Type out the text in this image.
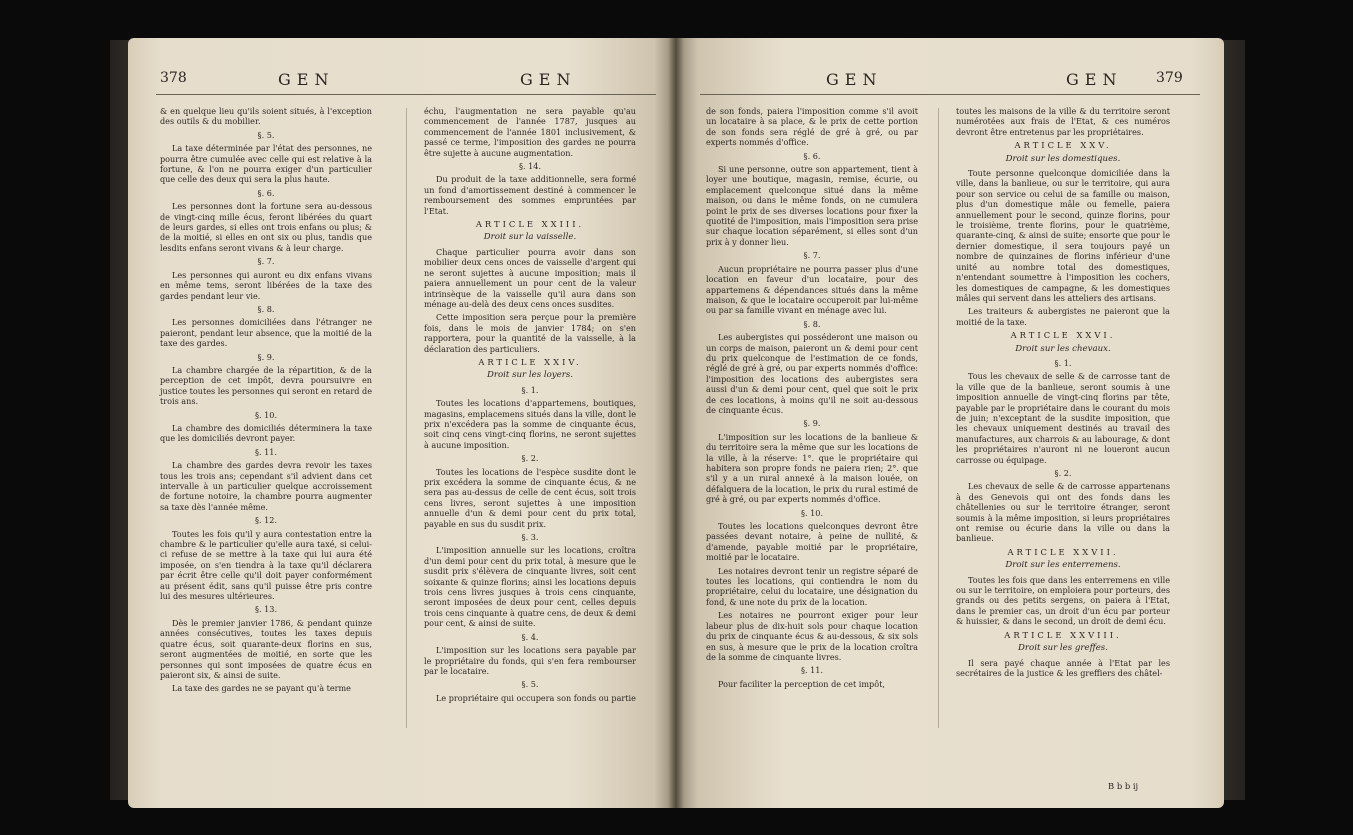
378	GEN	GEN

& en quelque lieu qu'ils soient situés, à l'exception des outils & du mobilier.

§. 5.

La taxe déterminée par l'état des personnes, ne pourra être cumulée avec celle qui est relative à la fortune, & l'on ne pourra exiger d'un particulier que celle des deux qui sera la plus haute.

§. 6.

Les personnes dont la fortune sera au-dessous de vingt-cinq mille écus, feront libérées du quart de leurs gardes, si elles ont trois enfans ou plus; & de la moitié, si elles en ont six ou plus, tandis que lesdits enfans seront vivans & à leur charge.

§. 7.

Les personnes qui auront eu dix enfans vivans en même tems, seront libérées de la taxe des gardes pendant leur vie.

§. 8.

Les personnes domiciliées dans l'étranger ne paieront, pendant leur absence, que la moitié de la taxe des gardes.

§. 9.

La chambre chargée de la répartition, & de la perception de cet impôt, devra poursuivre en justice toutes les personnes qui seront en retard de trois ans.

§. 10.

La chambre des domiciliés déterminera la taxe que les domiciliés devront payer.

§. 11.

La chambre des gardes devra revoir les taxes tous les trois ans; cependant s'il advient dans cet intervalle à un particulier quelque accroissement de fortune notoire, la chambre pourra augmenter sa taxe dès l'année même.

§. 12.

Toutes les fois qu'il y aura contestation entre la chambre & le particulier qu'elle aura taxé, si celui-ci refuse de se mettre à la taxe qui lui aura été imposée, on s'en tiendra à la taxe qu'il déclarera par écrit être celle qu'il doit payer conformément au présent édit, sans qu'il puisse être pris contre lui des mesures ultérieures.

§. 13.

Dès le premier janvier 1786, & pendant quinze années consécutives, toutes les taxes depuis quatre écus, soit quarante-deux florins en sus, seront augmentées de moitié, en sorte que les personnes qui sont imposées de quatre écus en paieront six, & ainsi de suite.

La taxe des gardes ne se payant qu'à terme

échu, l'augmentation ne sera payable qu'au commencement de l'année 1787, jusques au commencement de l'année 1801 inclusivement, & passé ce terme, l'imposition des gardes ne pourra être sujette à aucune augmentation.

§. 14.

Du produit de la taxe additionnelle, sera formé un fond d'amortissement destiné à commencer le remboursement des sommes empruntées par l'Etat.

ARTICLE XXIII.

Droit sur la vaisselle.

Chaque particulier pourra avoir dans son mobilier deux cens onces de vaisselle d'argent qui ne seront sujettes à aucune imposition; mais il paiera annuellement un pour cent de la valeur intrinsèque de la vaisselle qu'il aura dans son ménage au-delà des deux cens onces susdites.

Cette imposition sera perçue pour la première fois, dans le mois de janvier 1784; on s'en rapportera, pour la quantité de la vaisselle, à la déclaration des particuliers.

ARTICLE XXIV.

Droit sur les loyers.

§. 1.

Toutes les locations d'appartemens, boutiques, magasins, emplacemens situés dans la ville, dont le prix n'excédera pas la somme de cinquante écus, soit cinq cens vingt-cinq florins, ne seront sujettes à aucune imposition.

§. 2.

Toutes les locations de l'espèce susdite dont le prix excédera la somme de cinquante écus, & ne sera pas au-dessus de celle de cent écus, soit trois cens livres, seront sujettes à une imposition annuelle d'un & demi pour cent du prix total, payable en sus du susdit prix.

§. 3.

L'imposition annuelle sur les locations, croîtra d'un demi pour cent du prix total, à mesure que le susdit prix s'élèvera de cinquante livres, soit cent soixante & quinze florins; ainsi les locations depuis trois cens livres jusques à trois cens cinquante, seront imposées de deux pour cent, celles depuis trois cens cinquante à quatre cens, de deux & demi pour cent, & ainsi de suite.

§. 4.

L'imposition sur les locations sera payable par le propriétaire du fonds, qui s'en fera rembourser par le locataire.

§. 5.

Le propriétaire qui occupera son fonds ou partie

GEN	GEN 379

de son fonds, paiera l'imposition comme s'il avoit un locataire à sa place, & le prix de cette portion de son fonds sera réglé de gré à gré, ou par experts nommés d'office.

§. 6.

Si une personne, outre son appartement, tient à loyer une boutique, magasin, remise, écurie, ou emplacement quelconque situé dans la même maison, ou dans le même fonds, on ne cumulera point le prix de ses diverses locations pour fixer la quotité de l'imposition, mais l'imposition sera prise sur chaque location séparément, si elles sont d'un prix à y donner lieu.

§. 7.

Aucun propriétaire ne pourra passer plus d'une location en faveur d'un locataire, pour des appartemens & dépendances situés dans la même maison, & que le locataire occuperoit par lui-même ou par sa famille vivant en ménage avec lui.

§. 8.

Les aubergistes qui posséderont une maison ou un corps de maison, paieront un & demi pour cent du prix quelconque de l'estimation de ce fonds, réglé de gré à gré, ou par experts nommés d'office: l'imposition des locations des aubergistes sera aussi d'un & demi pour cent, quel que soit le prix de ces locations, à moins qu'il ne soit au-dessous de cinquante écus.

§. 9.

L'imposition sur les locations de la banlieue & du territoire sera la même que sur les locations de la ville, à la réserve: 1°. que le propriétaire qui habitera son propre fonds ne paiera rien; 2°. que s'il y a un rural annexé à la maison louée, on défalquera de la location, le prix du rural estimé de gré à gré, ou par experts nommés d'office.

§. 10.

Toutes les locations quelconques devront être passées devant notaire, à peine de nullité, & d'amende, payable moitié par le propriétaire, moitié par le locataire.

Les notaires devront tenir un registre séparé de toutes les locations, qui contiendra le nom du propriétaire, celui du locataire, une désignation du fond, & une note du prix de la location.

Les notaires ne pourront exiger pour leur labeur plus de dix-huit sols pour chaque location du prix de cinquante écus & au-dessous, & six sols en sus, à mesure que le prix de la location croîtra de la somme de cinquante livres.

§. 11.

Pour faciliter la perception de cet impôt,

toutes les maisons de la ville & du territoire seront numérotées aux frais de l'Etat, & ces numéros devront être entretenus par les propriétaires.

ARTICLE XXV.

Droit sur les domestiques.

Toute personne quelconque domiciliée dans la ville, dans la banlieue, ou sur le territoire, qui aura pour son service ou celui de sa famille ou maison, plus d'un domestique mâle ou femelle, paiera annuellement pour le second, quinze florins, pour le troisième, trente florins, pour le quatrième, quarante-cinq, & ainsi de suite; ensorte que pour le dernier domestique, il sera toujours payé un nombre de quinzaines de florins inférieur d'une unité au nombre total des domestiques, n'entendant soumettre à l'imposition les cochers, les domestiques de campagne, & les domestiques mâles qui servent dans les atteliers des artisans.

Les traiteurs & aubergistes ne paieront que la moitié de la taxe.

ARTICLE XXVI.

Droit sur les chevaux.

§. 1.

Tous les chevaux de selle & de carrosse tant de la ville que de la banlieue, seront soumis à une imposition annuelle de vingt-cinq florins par tête, payable par le propriétaire dans le courant du mois de juin; n'exceptant de la susdite imposition, que les chevaux uniquement destinés au travail des manufactures, aux charrois & au labourage, & dont les propriétaires n'auront ni ne loueront aucun carrosse ou équipage.

§. 2.

Les chevaux de selle & de carrosse appartenans à des Genevois qui ont des fonds dans les châtellenies ou sur le territoire étranger, seront soumis à la même imposition, si leurs propriétaires ont remise ou écurie dans la ville ou dans la banlieue.

ARTICLE XXVII.

Droit sur les enterremens.

Toutes les fois que dans les enterremens en ville ou sur le territoire, on emploiera pour porteurs, des grands ou des petits sergens, on paiera à l'Etat, dans le premier cas, un droit d'un écu par porteur & huissier, & dans le second, un droit de demi écu.

ARTICLE XXVIII.

Droit sur les greffes.

Il sera payé chaque année à l'Etat par les secrétaires de la justice & les greffiers des châtel-

B b b ij
